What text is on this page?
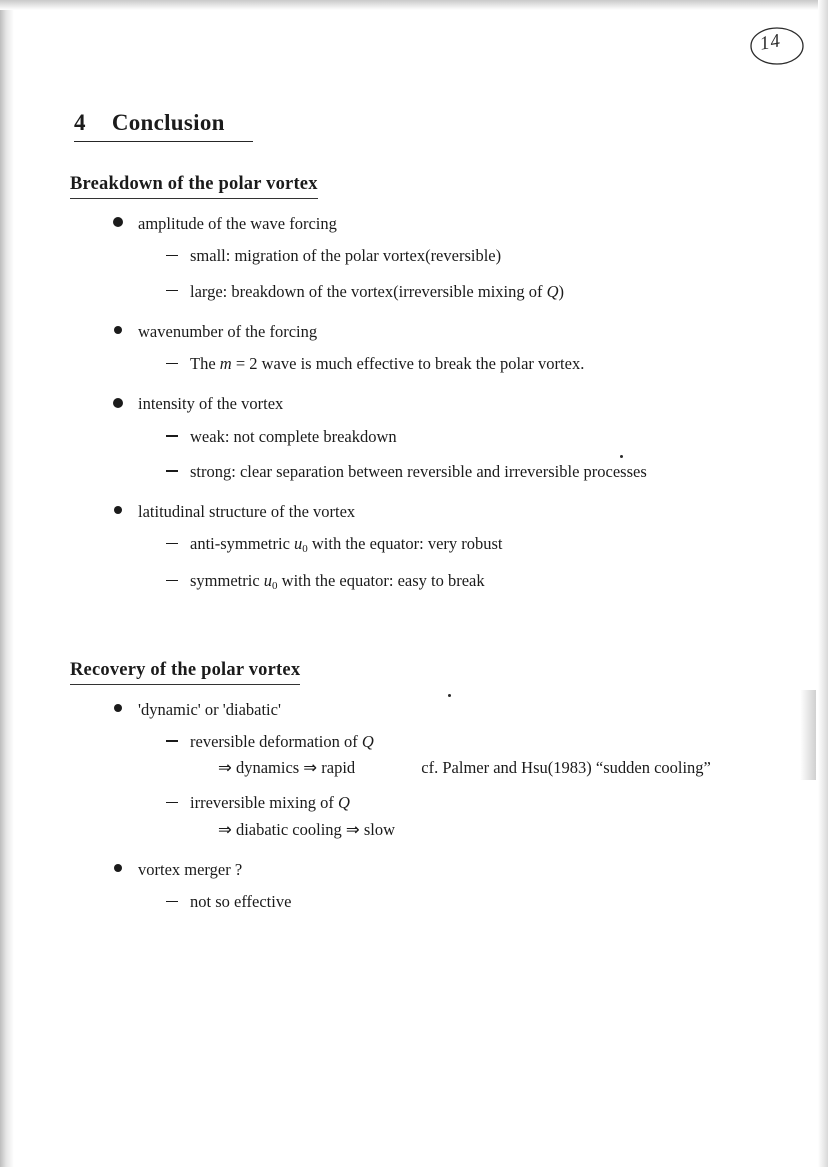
14
4 Conclusion
Breakdown of the polar vortex
amplitude of the wave forcing
small: migration of the polar vortex(reversible)
large: breakdown of the vortex(irreversible mixing of Q)
wavenumber of the forcing
The m = 2 wave is much effective to break the polar vortex.
intensity of the vortex
weak: not complete breakdown
strong: clear separation between reversible and irreversible processes
latitudinal structure of the vortex
anti-symmetric u0 with the equator: very robust
symmetric u0 with the equator: easy to break
Recovery of the polar vortex
'dynamic' or 'diabatic'
reversible deformation of Q
⇒ dynamics ⇒ rapid	cf. Palmer and Hsu(1983) “sudden cooling”
irreversible mixing of Q
⇒ diabatic cooling ⇒ slow
vortex merger ?
not so effective
